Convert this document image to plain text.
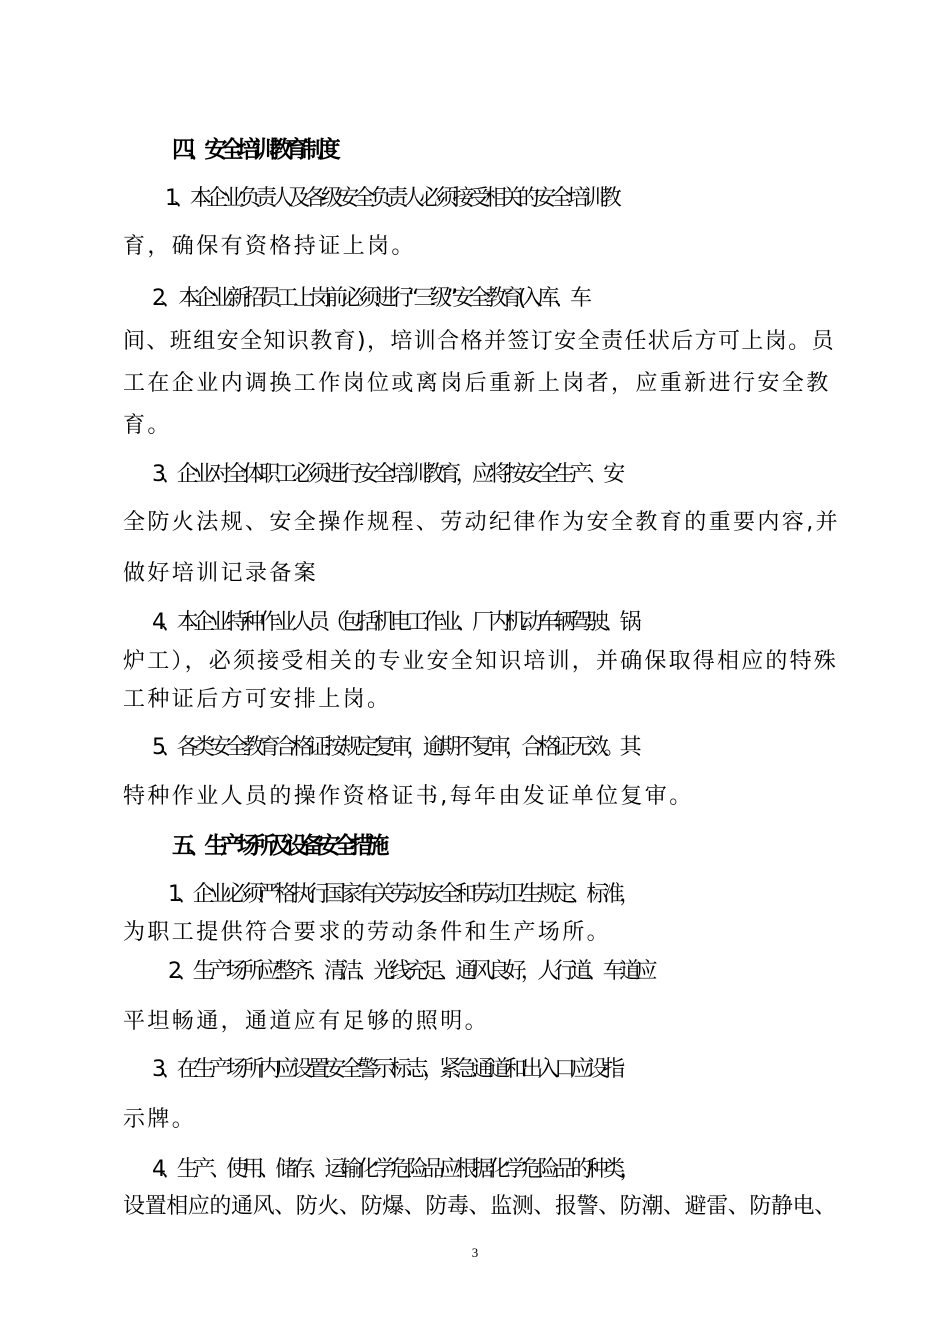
四、安全培训教育制度
1、本企业负责人及各级安全负责人必须接受相关的安全培训教
育，确保有资格持证上岗。
2、 本企业新招员工上岗前必须进行“三级”安全教育(入库、车
间、班组安全知识教育)，培训合格并签订安全责任状后方可上岗。员
工在企业内调换工作岗位或离岗后重新上岗者，应重新进行安全教
育。
3、企业对全体职工必须进行安全培训教育，应将按安全生产、安
全防火法规、安全操作规程、劳动纪律作为安全教育的重要内容,并
做好培训记录备案
4、本企业特种作业人员（包括机电工作业、厂内机动车辆驾驶、锅
炉工），必须接受相关的专业安全知识培训，并确保取得相应的特殊
工种证后方可安排上岗。
5、各类安全教育合格证按规定复审，逾期不复审，合格证无效。其
特种作业人员的操作资格证书,每年由发证单位复审。
五、生产场所及设备安全措施
1、企业必须严格执行国家有关劳动安全和劳动卫生规定、标准，
为职工提供符合要求的劳动条件和生产场所。
2、生产场所应整齐、清洁、光线充足、通风良好，人行道、车道应
平坦畅通，通道应有足够的照明。
3、在生产场所内应设置安全警示标志，紧急通道和出入口应设指
示牌。
4、生产、使用、储存、运输化学危险品应根据化学危险品的种类，
设置相应的通风、防火、防爆、防毒、监测、报警、防潮、避雷、防静电、
3
